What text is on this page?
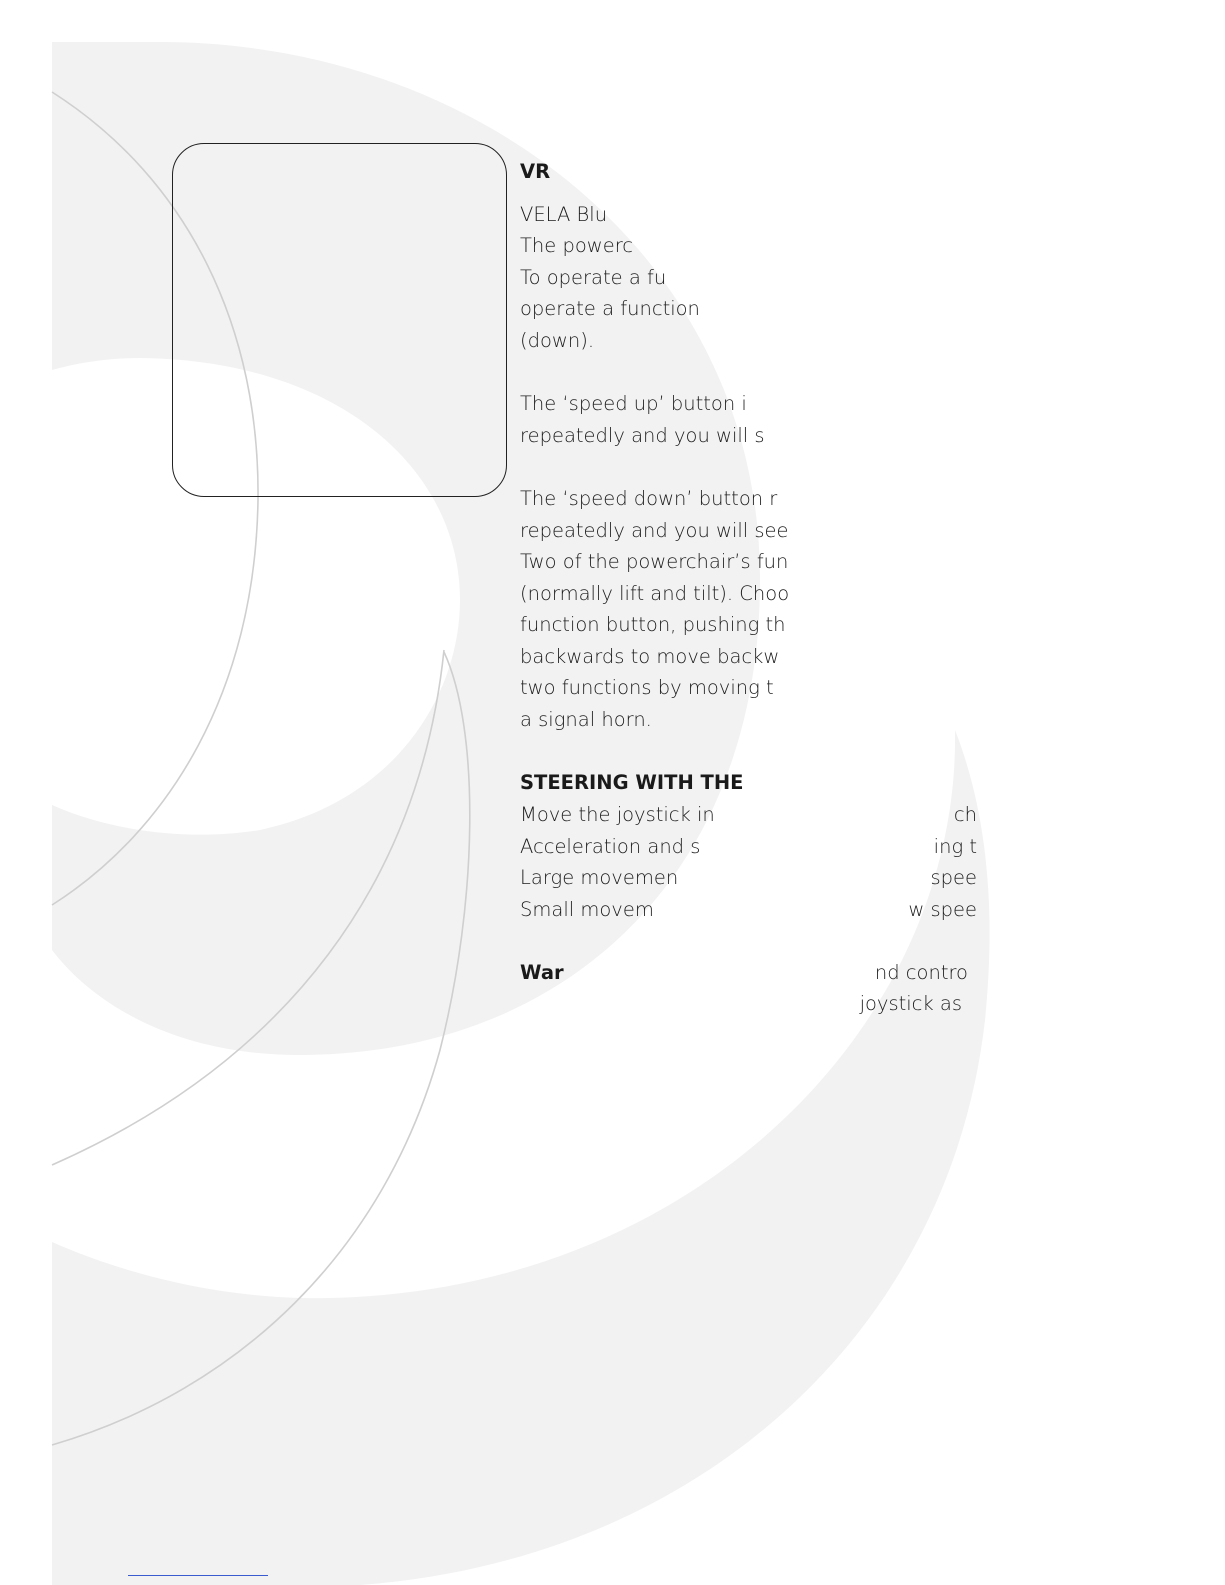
VR
VELA Blu
The powerc
To operate a fu
operate a function
(down).
The ‘speed up’ button i
repeatedly and you will s
The ‘speed down’ button r
repeatedly and you will see
Two of the powerchair’s fun
(normally lift and tilt). Choo
function button, pushing th
backwards to move backw
two functions by moving t
a signal horn.
STEERING WITH THE
Move the joystick in
Acceleration and s
Large movemen
Small movem
ch
ing t
spee
w spee
War	nd contro
joystick as
